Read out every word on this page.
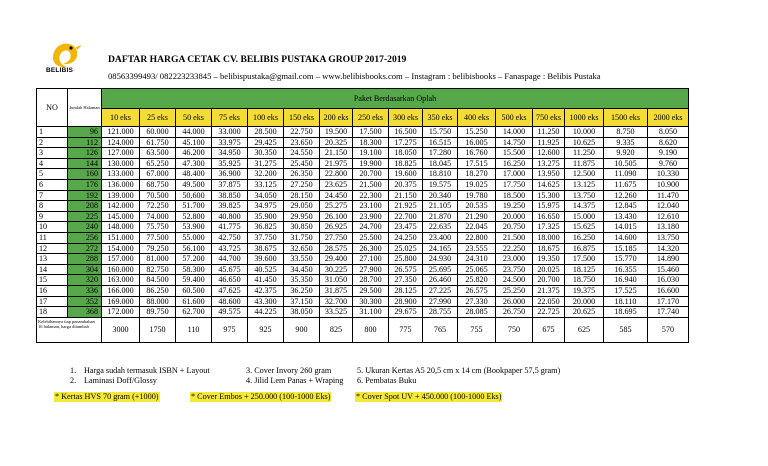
BELIBIS
DAFTAR HARGA CETAK CV. BELIBIS PUSTAKA GROUP 2017-2019
08563399493/ 082223233845 – belibispustaka@gmail.com – www.belibisbooks.com – Instagram : belibisbooks – Fanaspage : Belibis Pustaka
NO	Jumlah Halaman	Paket Berdasarkan Oplah															
		10 eks	25 eks	50 eks	75 eks	100 eks	150 eks	200 eks	250 eks	300 eks	350 eks	400 eks	500 eks	750 eks	1000 eks	1500 eks	2000 eks
1	96	121.000	60.000	44.000	33.000	28.500	22.750	19.500	17.500	16.500	15.750	15.250	14.000	11.250	10.000	8.750	8.050
2	112	124.000	61.750	45.100	33.975	29.425	23.650	20.325	18.300	17.275	16.515	16.005	14.750	11.925	10.625	9.335	8.620
3	126	127.000	63.500	46.200	34.950	30.350	24.550	21.150	19.100	18.050	17.280	16.760	15.500	12.600	11.250	9.920	9.190
4	144	130.000	65.250	47.300	35.925	31.275	25.450	21.975	19.900	18.825	18.045	17.515	16.250	13.275	11.875	10.505	9.760
5	160	133.000	67.000	48.400	36.900	32.200	26.350	22.800	20.700	19.600	18.810	18.270	17.000	13.950	12.500	11.090	10.330
6	176	136.000	68.750	49.500	37.875	33.125	27.250	23.625	21.500	20.375	19.575	19.025	17.750	14.625	13.125	11.675	10.900
7	192	139.000	70.500	50.600	38.850	34.050	28.150	24.450	22.300	21.150	20.340	19.780	18.500	15.300	13.750	12.260	11.470
8	208	142.000	72.250	51.700	39.825	34.975	29.050	25.275	23.100	21.925	21.105	20.535	19.250	15.975	14.375	12.845	12.040
9	225	145.000	74.000	52.800	40.800	35.900	29.950	26.100	23.900	22.700	21.870	21.290	20.000	16.650	15.000	13.430	12.610
10	240	148.000	75.750	53.900	41.775	36.825	30.850	26.925	24.700	23.475	22.635	22.045	20.750	17.325	15.625	14.015	13.180
11	256	151.000	77.500	55.000	42.750	37.750	31.750	27.750	25.500	24.250	23.400	22.800	21.500	18.000	16.250	14.600	13.750
12	272	154.000	79.250	56.100	43.725	38.675	32.650	28.575	26.300	25.025	24.165	23.555	22.250	18.675	16.875	15.185	14.320
13	288	157.000	81.000	57.200	44.700	39.600	33.550	29.400	27.100	25.800	24.930	24.310	23.000	19.350	17.500	15.770	14.890
14	304	160.000	82.750	58.300	45.675	40.525	34.450	30.225	27.900	26.575	25.695	25.065	23.750	20.025	18.125	16.355	15.460
15	320	163.000	84.500	59.400	46.650	41.450	35.350	31.050	28.700	27.350	26.460	25.820	24.500	20.700	18.750	16.940	16.030
16	336	166.000	86.250	60.500	47.625	42.375	36.250	31.875	29.500	28.125	27.225	26.575	25.250	21.375	19.375	17.525	16.600
17	352	169.000	88.000	61.600	48.600	43.300	37.150	32.700	30.300	28.900	27.990	27.330	26.000	22.050	20.000	18.110	17.170
18	368	172.000	89.750	62.700	49.575	44.225	38.050	33.525	31.100	29.675	28.755	28.085	26.750	22.725	20.625	18.695	17.740
Kelebihannya tiap penambahan 16 halaman, harga ditambah		3000	1750	110	975	925	900	825	800	775	765	755	750	675	625	585	570
1. Harga sudah termasuk ISBN + Layout
2. Laminasi Doff/Glossy
3. Cover Invory 260 gram
4. Jilid Lem Panas + Wraping
5. Ukuran Kertas A5 20,5 cm x 14 cm (Bookpaper 57,5 gram)
6. Pembatas Buku
* Kertas HVS 70 gram (+1000)	* Cover Embos + 250.000 (100-1000 Eks)	* Cover Spot UV + 450.000 (100-1000 Eks)
